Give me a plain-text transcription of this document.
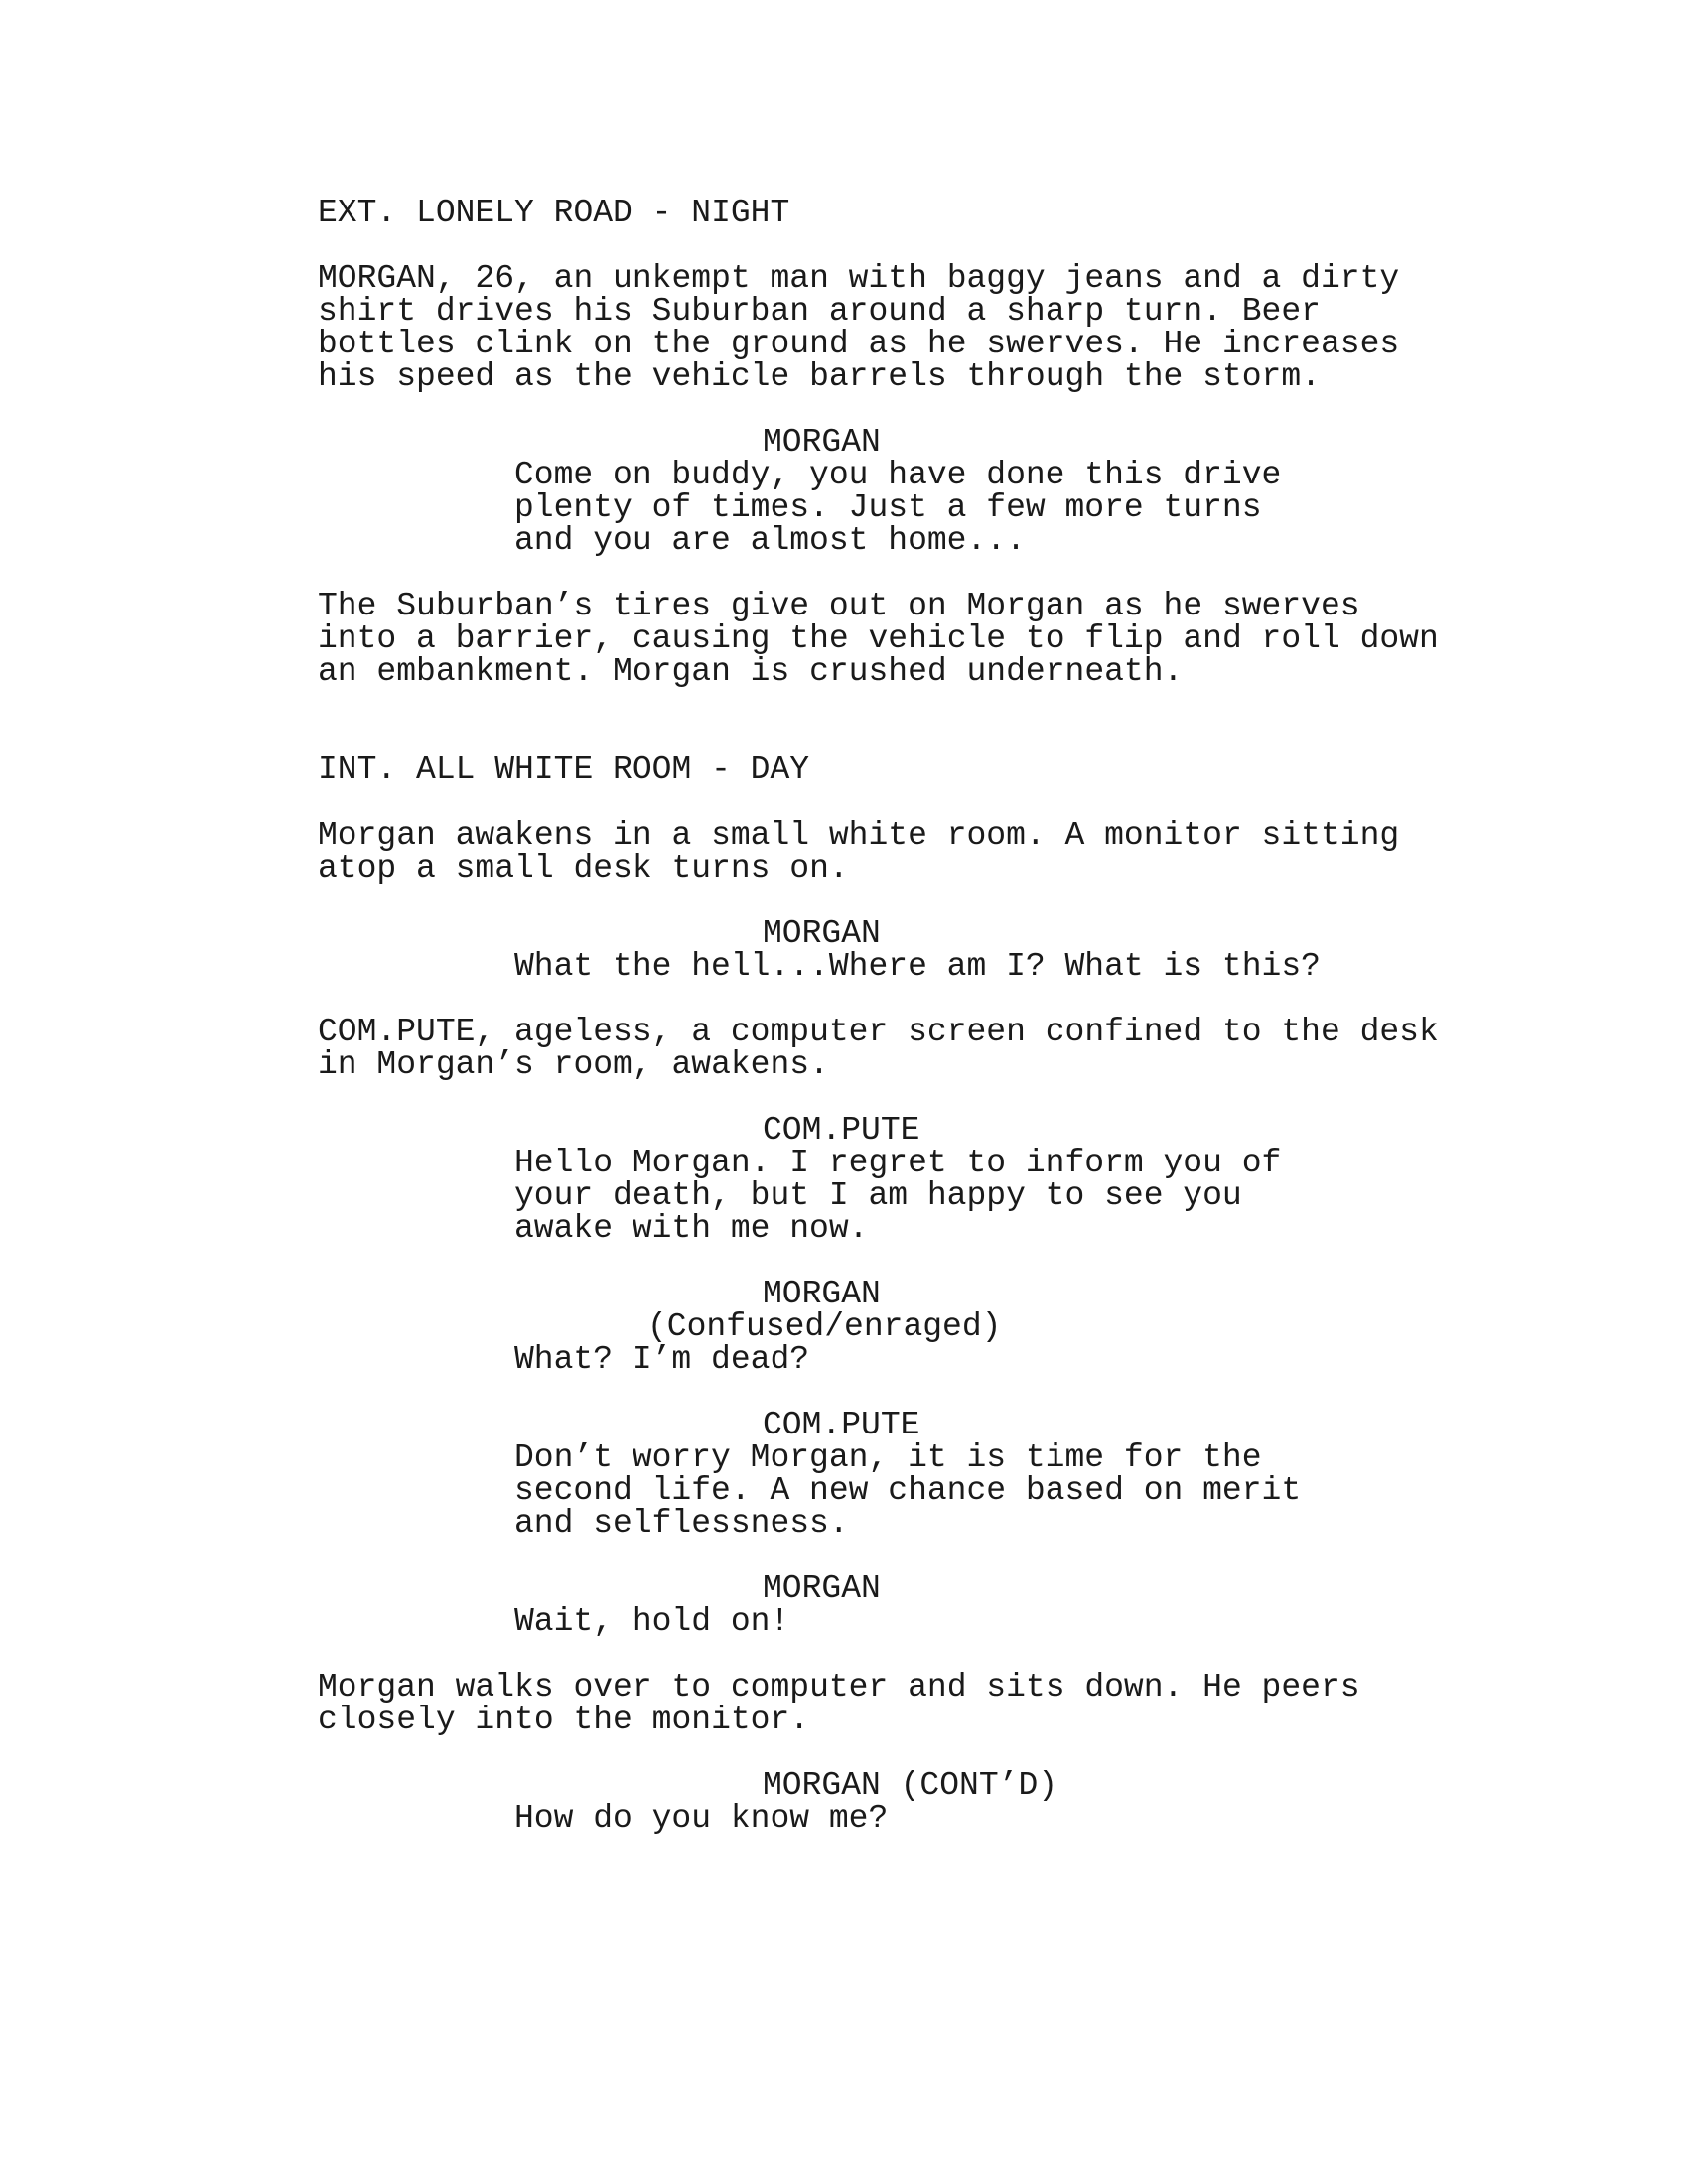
EXT. LONELY ROAD - NIGHT

MORGAN, 26, an unkempt man with baggy jeans and a dirty

shirt drives his Suburban around a sharp turn. Beer

bottles clink on the ground as he swerves. He increases

his speed as the vehicle barrels through the storm.

MORGAN

Come on buddy, you have done this drive

plenty of times. Just a few more turns

and you are almost home...

The Suburban’s tires give out on Morgan as he swerves

into a barrier, causing the vehicle to flip and roll down

an embankment. Morgan is crushed underneath.

INT. ALL WHITE ROOM - DAY

Morgan awakens in a small white room. A monitor sitting

atop a small desk turns on.

MORGAN

What the hell...Where am I? What is this?

COM.PUTE, ageless, a computer screen confined to the desk

in Morgan’s room, awakens.

COM.PUTE

Hello Morgan. I regret to inform you of

your death, but I am happy to see you

awake with me now.

MORGAN

(Confused/enraged)

What? I’m dead?

COM.PUTE

Don’t worry Morgan, it is time for the

second life. A new chance based on merit

and selflessness.

MORGAN

Wait, hold on!

Morgan walks over to computer and sits down. He peers

closely into the monitor.

MORGAN (CONT’D)

How do you know me?
